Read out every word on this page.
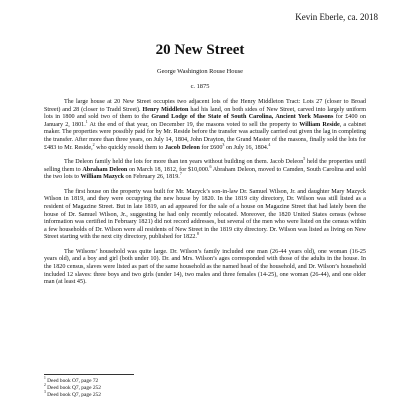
Kevin Eberle, ca. 2018
20 New Street
George Washington Rouse House
c. 1875

The large house at 20 New Street occupies two adjacent lots of the Henry Middleton Tract: Lots 27 (closer to Broad Street) and 28 (closer to Tradd Street). Henry Middleton had his land, on both sides of New Street, carved into largely uniform lots in 1800 and sold two of them to the Grand Lodge of the State of South Carolina, Ancient York Masons for £400 on January 2, 1801.$^1$ At the end of that year, on December 19, the masons voted to sell the property to William Reside, a cabinet maker. The properties were possibly paid for by Mr. Reside before the transfer was actually carried out given the lag in completing the transfer. After more than three years, on July 14, 1804, John Drayton, the Grand Master of the masons, finally sold the lots for £483 to Mr. Reside,$^2$ who quickly resold them to Jacob Deleon for $£600^3$ on July 16, 1804.$^4$

The Deleon family held the lots for more than ten years without building on them. Jacob Deleon$^5$ held the properties until selling them to Abraham Deleon on March 18, 1812, for $10,000.$^6$ Abraham Deleon, moved to Camden, South Carolina and sold the two lots to William Mazyck on February 26, 1819.$^7$

The first house on the property was built for Mr. Mazyck’s son-in-law Dr. Samuel Wilson, Jr. and daughter Mary Mazyck Wilson in 1819, and they were occupying the new house by 1820. In the 1819 city directory, Dr. Wilson was still listed as a resident of Magazine Street. But in late 1819, an ad appeared for the sale of a house on Magazine Street that had lately been the house of Dr. Samuel Wilson, Jr., suggesting he had only recently relocated. Moreover, the 1820 United States census (whose information was certified in February 1821) did not record addresses, but several of the men who were listed on the census within a few households of Dr. Wilson were all residents of New Street in the 1819 city directory. Dr. Wilson was listed as living on New Street starting with the next city directory, published for 1822.$^8$

The Wilsons’ household was quite large. Dr. Wilson’s family included one man (26-44 years old), one woman (16-25 years old), and a boy and girl (both under 10). Dr. and Mrs. Wilson’s ages corresponded with those of the adults in the house. In the 1820 census, slaves were listed as part of the same household as the named head of the household, and Dr. Wilson’s household included 12 slaves: three boys and two girls (under 14), two males and three females (14-25), one woman (26-44), and one older man (at least 45).

$^1$ Deed book O7, page 72
$^2$ Deed book Q7, page 252
$^3$ Deed book Q7, page 252
